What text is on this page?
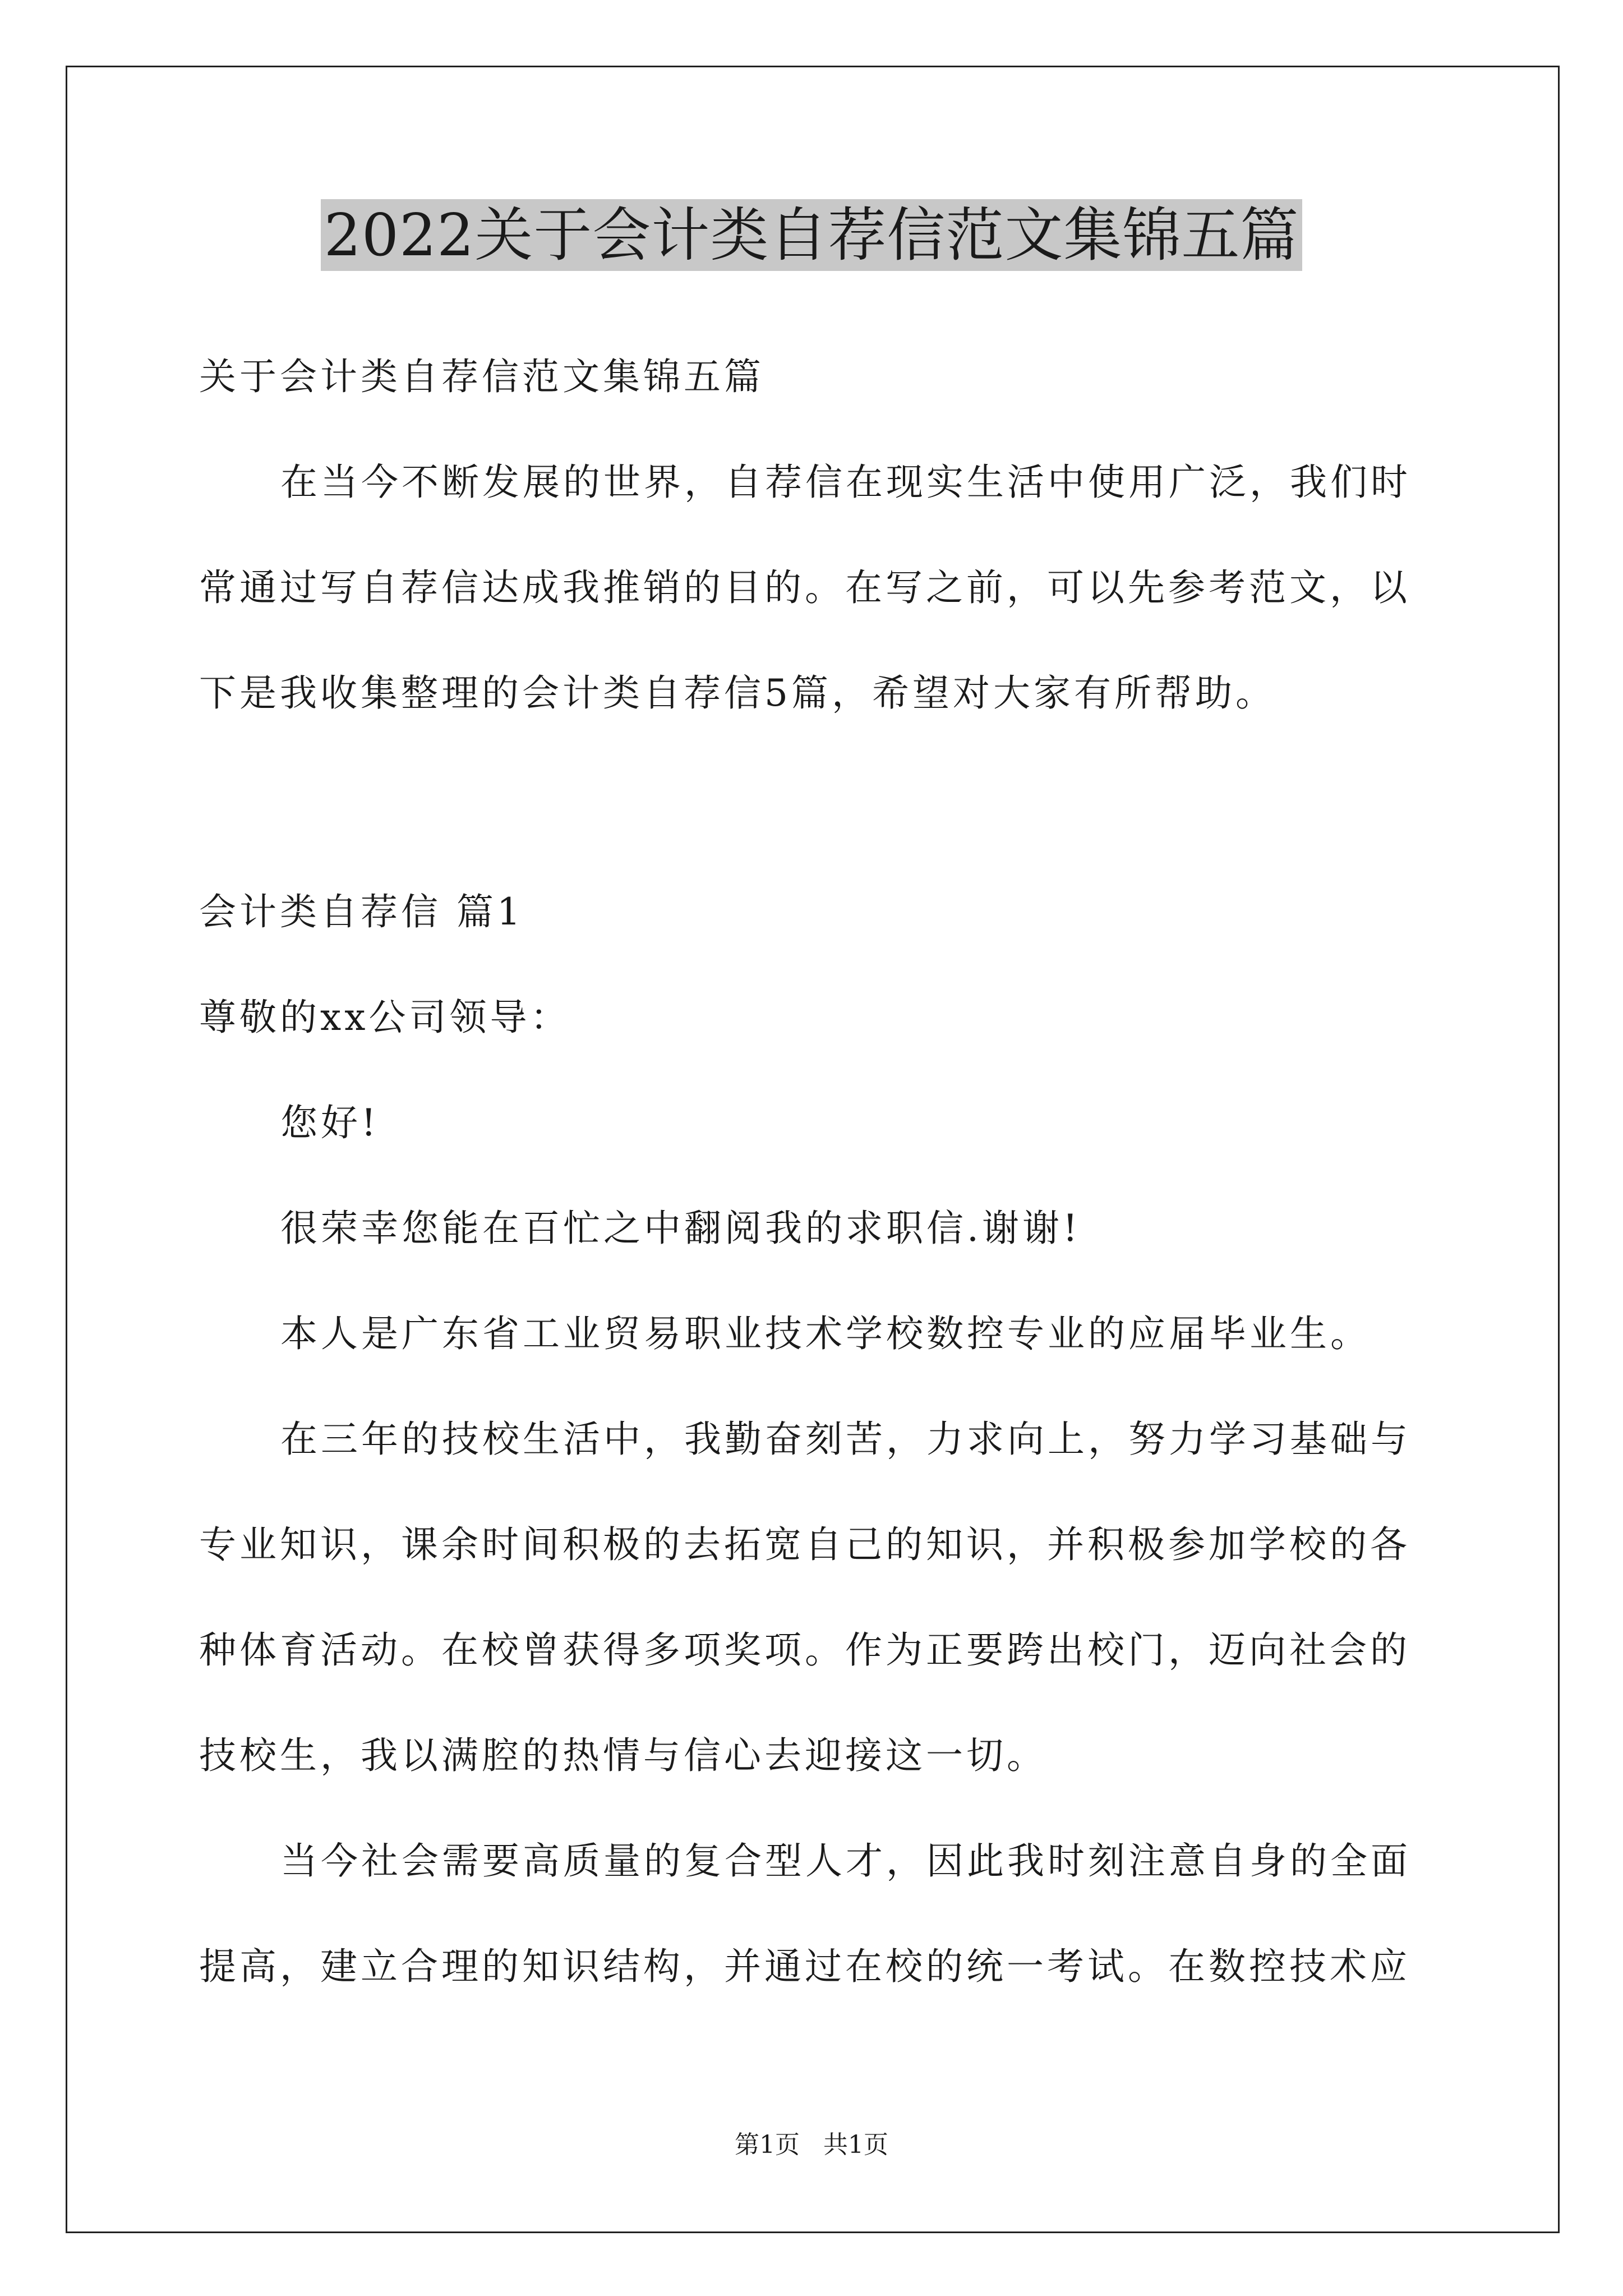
2022关于会计类自荐信范文集锦五篇
关于会计类自荐信范文集锦五篇
在当今不断发展的世界，自荐信在现实生活中使用广泛，我们时
常通过写自荐信达成我推销的目的。在写之前，可以先参考范文，以
下是我收集整理的会计类自荐信5篇，希望对大家有所帮助。
会计类自荐信 篇1
尊敬的xx公司领导：
您好!
很荣幸您能在百忙之中翻阅我的求职信.谢谢!
本人是广东省工业贸易职业技术学校数控专业的应届毕业生。
在三年的技校生活中，我勤奋刻苦，力求向上，努力学习基础与
专业知识，课余时间积极的去拓宽自己的知识，并积极参加学校的各
种体育活动。在校曾获得多项奖项。作为正要跨出校门，迈向社会的
技校生，我以满腔的热情与信心去迎接这一切。
当今社会需要高质量的复合型人才，因此我时刻注意自身的全面
提高，建立合理的知识结构，并通过在校的统一考试。在数控技术应
第1页   共1页
